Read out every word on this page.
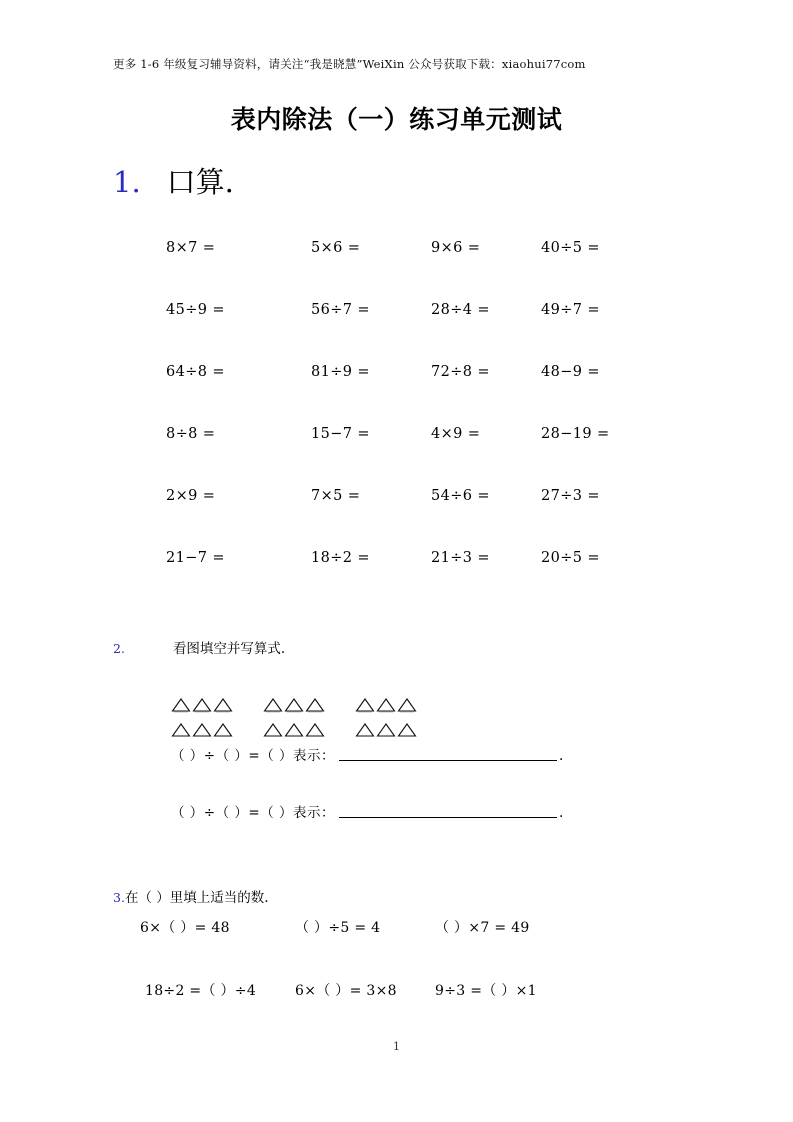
更多 1-6 年级复习辅导资料，请关注“我是晓慧”WeiXin 公众号获取下载：xiaohui77com
表内除法（一）练习单元测试
1. 口算.
8×7 =	5×6 =	9×6 =	40÷5 =
45÷9 =	56÷7 =	28÷4 =	49÷7 =
64÷8 =	81÷9 =	72÷8 =	48−9 =
8÷8 =	15−7 =	4×9 =	28−19 =
2×9 =	7×5 =	54÷6 =	27÷3 =
21−7 =	18÷2 =	21÷3 =	20÷5 =
2.	看图填空并写算式.
（ ）÷（ ）=（ ）表示：	.
（ ）÷（ ）=（ ）表示：	.
3.在（ ）里填上适当的数.
6×（ ）= 48	（ ）÷5 = 4	（ ）×7 = 49
18÷2 =（ ）÷4	6×（ ）= 3×8	9÷3 =（ ）×1
1
